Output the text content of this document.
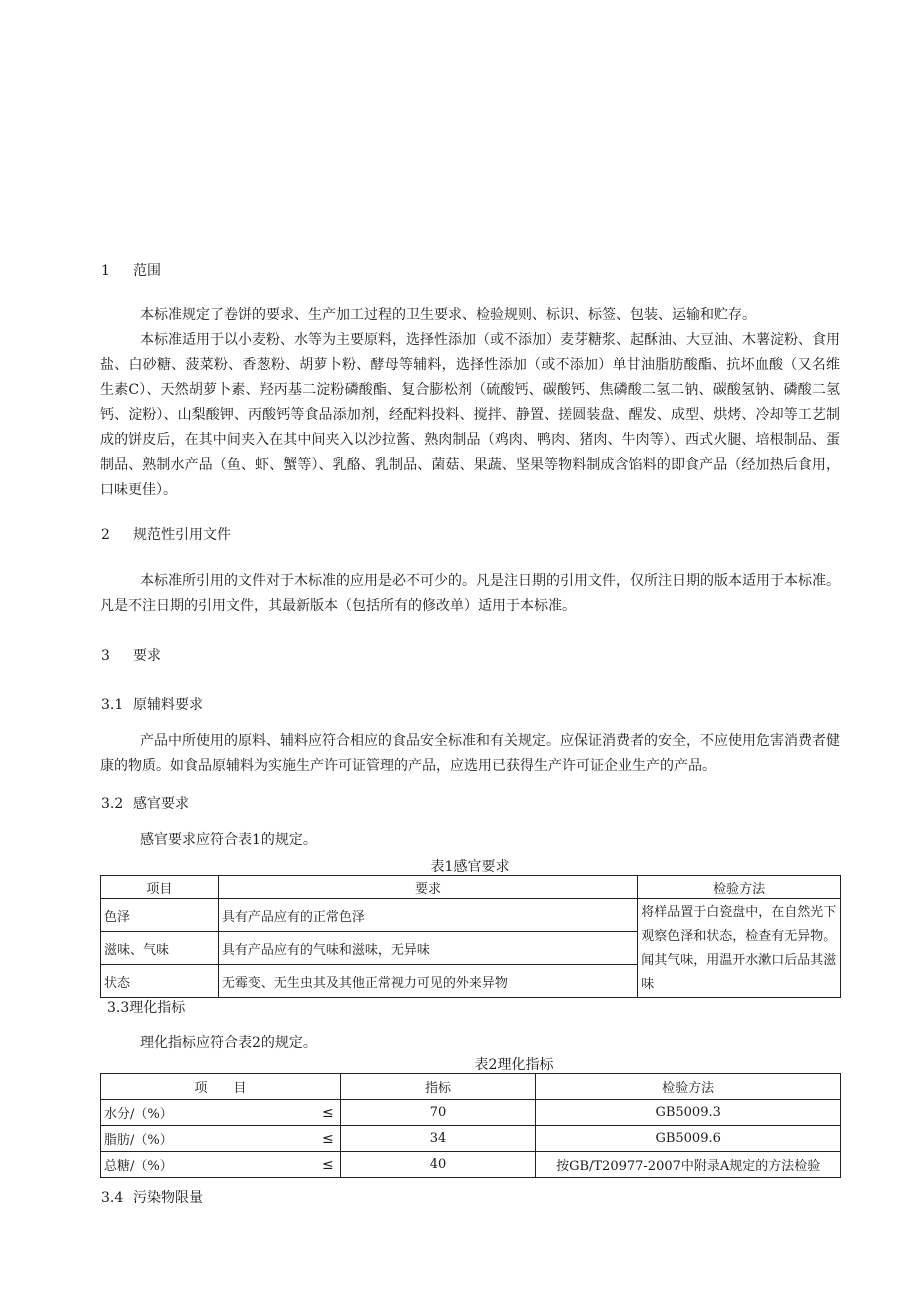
1 范围

本标准规定了卷饼的要求、生产加工过程的卫生要求、检验规则、标识、标签、包装、运输和贮存。

本标准适用于以小麦粉、水等为主要原料，选择性添加（或不添加）麦芽糖浆、起酥油、大豆油、木薯淀粉、食用盐、白砂糖、菠菜粉、香葱粉、胡萝卜粉、酵母等辅料，选择性添加（或不添加）单甘油脂肪酸酯、抗坏血酸（又名维生素C）、天然胡萝卜素、羟丙基二淀粉磷酸酯、复合膨松剂（硫酸钙、碳酸钙、焦磷酸二氢二钠、碳酸氢钠、磷酸二氢钙、淀粉）、山梨酸钾、丙酸钙等食品添加剂，经配料投料、搅拌、静置、搓圆装盘、醒发、成型、烘烤、冷却等工艺制成的饼皮后，在其中间夹入在其中间夹入以沙拉酱、熟肉制品（鸡肉、鸭肉、猪肉、牛肉等）、西式火腿、培根制品、蛋制品、熟制水产品（鱼、虾、蟹等）、乳酪、乳制品、菌菇、果蔬、坚果等物料制成含馅料的即食产品（经加热后食用，口味更佳）。

2 规范性引用文件

本标准所引用的文件对于木标准的应用是必不可少的。凡是注日期的引用文件，仅所注日期的版本适用于本标准。凡是不注日期的引用文件，其最新版本（包括所有的修改单）适用于本标准。

3 要求
3.1 原辅料要求

产品中所使用的原料、辅料应符合相应的食品安全标准和有关规定。应保证消费者的安全，不应使用危害消费者健康的物质。如食品原辅料为实施生产许可证管理的产品，应选用已获得生产许可证企业生产的产品。

3.2 感官要求

感官要求应符合表1的规定。

表1感官要求
项目	要求	检验方法
色泽	具有产品应有的正常色泽	将样品置于白瓷盘中，在自然光下观察色泽和状态，检查有无异物。闻其气味，用温开水漱口后品其滋味
滋味、气味	具有产品应有的气味和滋味，无异味	
状态	无霉变、无生虫其及其他正常视力可见的外来异物	
3.3理化指标

理化指标应符合表2的规定。

表2理化指标
项　　目		指标	检验方法
水分/（%）	≤	70	GB5009.3
脂肪/（%）	≤	34	GB5009.6
总糖/（%）	≤	40	按GB/T20977-2007中附录A规定的方法检验
3.4 污染物限量
